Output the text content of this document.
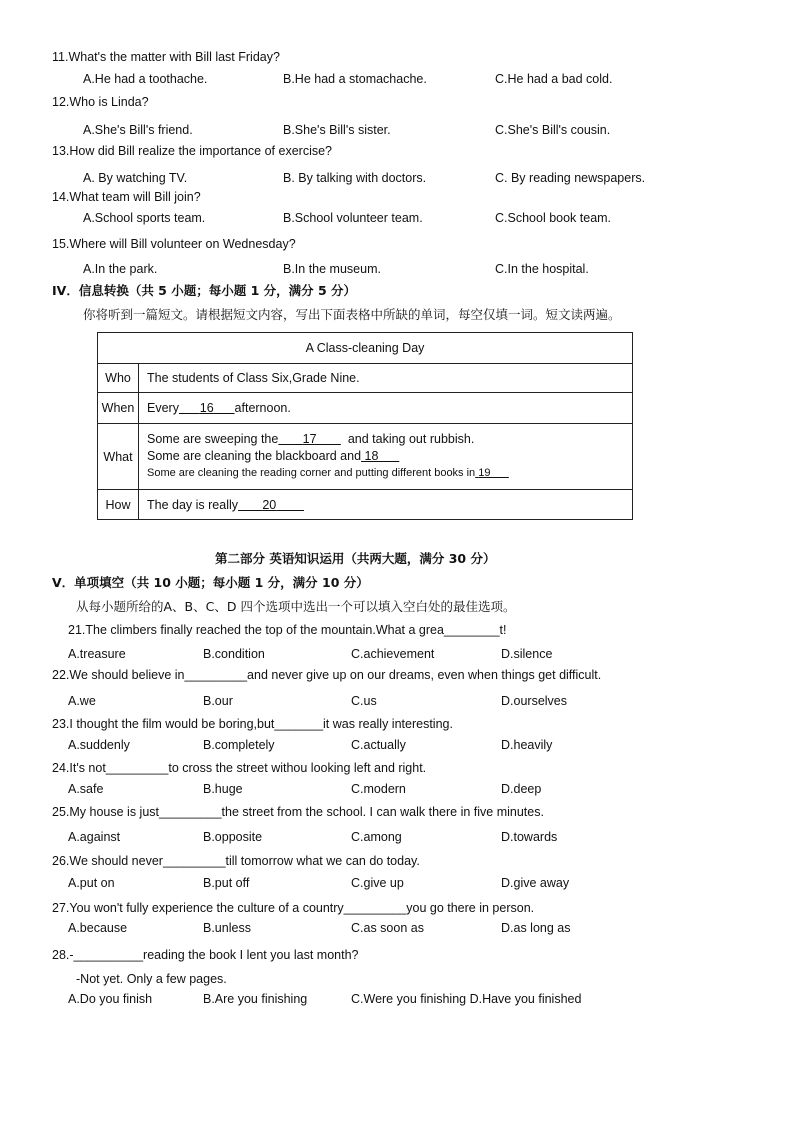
11.What's the matter with Bill last Friday?
A.He had a toothache.	B.He had a stomachache.	C.He had a bad cold.
12.Who is Linda?
A.She's Bill's friend.	B.She's Bill's sister.	C.She's Bill's cousin.
13.How did Bill realize the importance of exercise?
A. By watching TV.	B. By talking with doctors.	C. By reading newspapers.
14.What team will Bill join?
A.School sports team.	B.School volunteer team.	C.School book team.
15.Where will Bill volunteer on Wednesday?
A.In the park.	B.In the museum.	C.In the hospital.
IV．信息转换（共 5 小题；每小题 1 分，满分 5 分）
你将听到一篇短文。请根据短文内容，写出下面表格中所缺的单词，每空仅填一词。短文读两遍。
A Class-cleaning Day	
Who	The students of Class Six,Grade Nine.
When	Every 16 afternoon.
What	Some are sweeping the 17 and taking out rubbish.
Some are cleaning the blackboard and 18
Some are cleaning the reading corner and putting different books in 19

How	The day is really 20
第二部分 英语知识运用（共两大题，满分 30 分）
V．单项填空（共 10 小题；每小题 1 分，满分 10 分）
从每小题所给的A、B、C、D 四个选项中选出一个可以填入空白处的最佳选项。
21.The climbers finally reached the top of the mountain.What a grea________t!
A.treasure	B.condition	C.achievement	D.silence
22.We should believe in_________and never give up on our dreams, even when things get difficult.
A.we	B.our	C.us	D.ourselves
23.I thought the film would be boring,but_______it was really interesting.
A.suddenly	B.completely	C.actually	D.heavily
24.It's not_________to cross the street withou looking left and right.
A.safe	B.huge	C.modern	D.deep
25.My house is just_________the street from the school. I can walk there in five minutes.
A.against	B.opposite	C.among	D.towards
26.We should never_________till tomorrow what we can do today.
A.put on	B.put off	C.give up	D.give away
27.You won't fully experience the culture of a country_________you go there in person.
A.because	B.unless	C.as soon as	D.as long as
28.-__________reading the book I lent you last month?
-Not yet. Only a few pages.
A.Do you finish	B.Are you finishing	C.Were you finishing D.Have you finished
